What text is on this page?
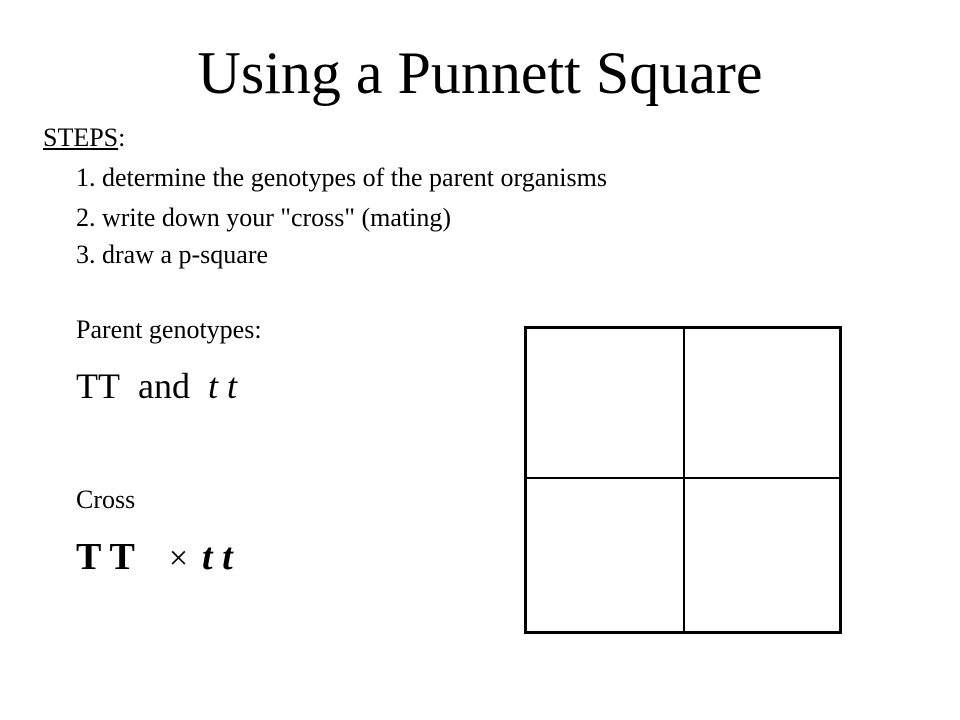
Using a Punnett Square
STEPS:
1. determine the genotypes of the parent organisms
2. write down your "cross" (mating)
3. draw a p-square
Parent genotypes:
TT and t t
Cross
T T × t t
